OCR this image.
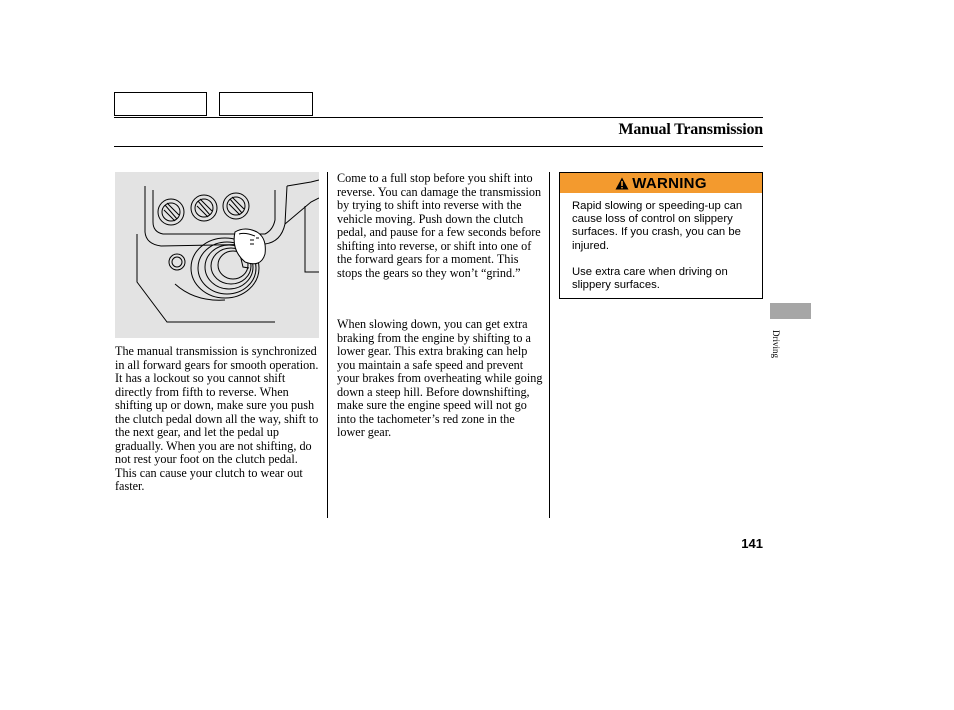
Manual Transmission

The manual transmission is synchronized in all forward gears for smooth operation. It has a lockout so you cannot shift directly from fifth to reverse. When shifting up or down, make sure you push the clutch pedal down all the way, shift to the next gear, and let the pedal up gradually. When you are not shifting, do not rest your foot on the clutch pedal. This can cause your clutch to wear out faster.

Come to a full stop before you shift into reverse. You can damage the transmission by trying to shift into reverse with the vehicle moving. Push down the clutch pedal, and pause for a few seconds before shifting into reverse, or shift into one of the forward gears for a moment. This stops the gears so they won’t “grind.”

When slowing down, you can get extra braking from the engine by shifting to a lower gear. This extra braking can help you maintain a safe speed and prevent your brakes from overheating while going down a steep hill. Before downshifting, make sure the engine speed will not go into the tachometer’s red zone in the lower gear.

WARNING

Rapid slowing or speeding-up can cause loss of control on slippery surfaces. If you crash, you can be injured.

Use extra care when driving on slippery surfaces.

Driving
141
